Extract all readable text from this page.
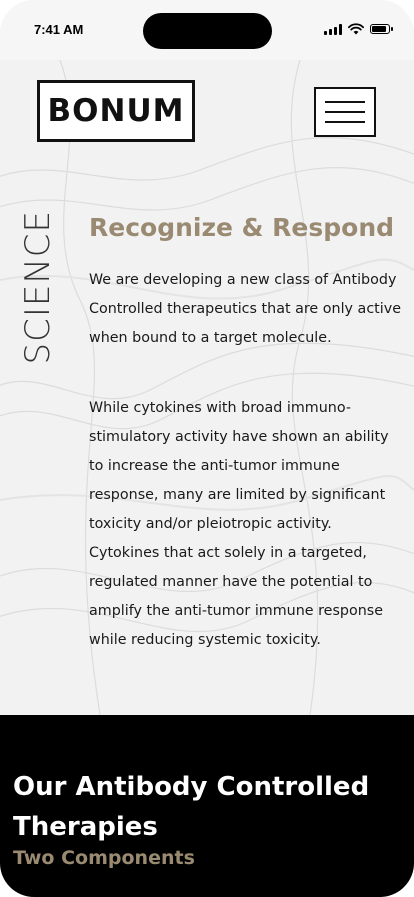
7:41 AM
BONUM
SCIENCE Recognize & Respond

We are developing a new class of Antibody Controlled therapeutics that are only active when bound to a target molecule.

While cytokines with broad immuno-stimulatory activity have shown an ability to increase the anti-tumor immune response, many are limited by significant toxicity and/or pleiotropic activity. Cytokines that act solely in a targeted, regulated manner have the potential to amplify the anti-tumor immune response while reducing systemic toxicity.

Our Antibody Controlled Therapies
Two Components
